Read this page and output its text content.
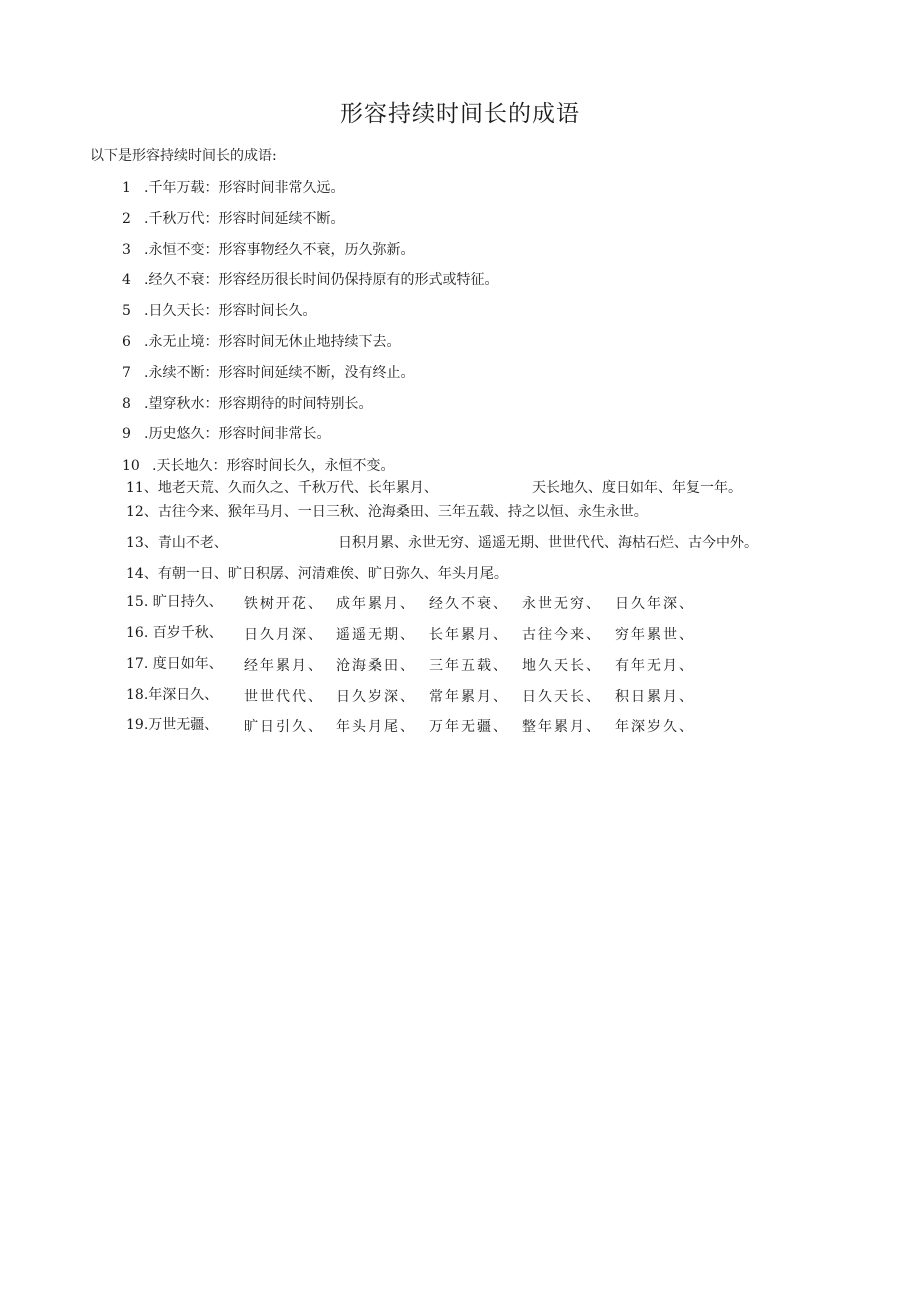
形容持续时间长的成语
以下是形容持续时间长的成语:
1 .千年万载：形容时间非常久远。
2 .千秋万代：形容时间延续不断。
3 .永恒不变：形容事物经久不衰，历久弥新。
4 .经久不衰：形容经历很长时间仍保持原有的形式或特征。
5 .日久天长：形容时间长久。
6 .永无止境：形容时间无休止地持续下去。
7 .永续不断：形容时间延续不断，没有终止。
8 .望穿秋水：形容期待的时间特别长。
9 .历史悠久：形容时间非常长。
10 .天长地久：形容时间长久，永恒不变。
11、地老天荒、久而久之、千秋万代、长年累月、	天长地久、度日如年、年复一年。
12、古往今来、猴年马月、一日三秋、沧海桑田、三年五载、持之以恒、永生永世。
13、青山不老、	日积月累、永世无穷、遥遥无期、世世代代、海枯石烂、古今中外。
14、有朝一日、旷日积孱、河清难俟、旷日弥久、年头月尾。
15. 旷日持久、 铁树开花、 成年累月、 经久不衰、 永世无穷、 日久年深、
16. 百岁千秋、 日久月深、 遥遥无期、 长年累月、 古往今来、 穷年累世、
17. 度日如年、 经年累月、 沧海桑田、 三年五载、 地久天长、 有年无月、
18.年深日久、 世世代代、 日久岁深、 常年累月、 日久天长、 积日累月、
19.万世无疆、 旷日引久、 年头月尾、 万年无疆、 整年累月、 年深岁久、
